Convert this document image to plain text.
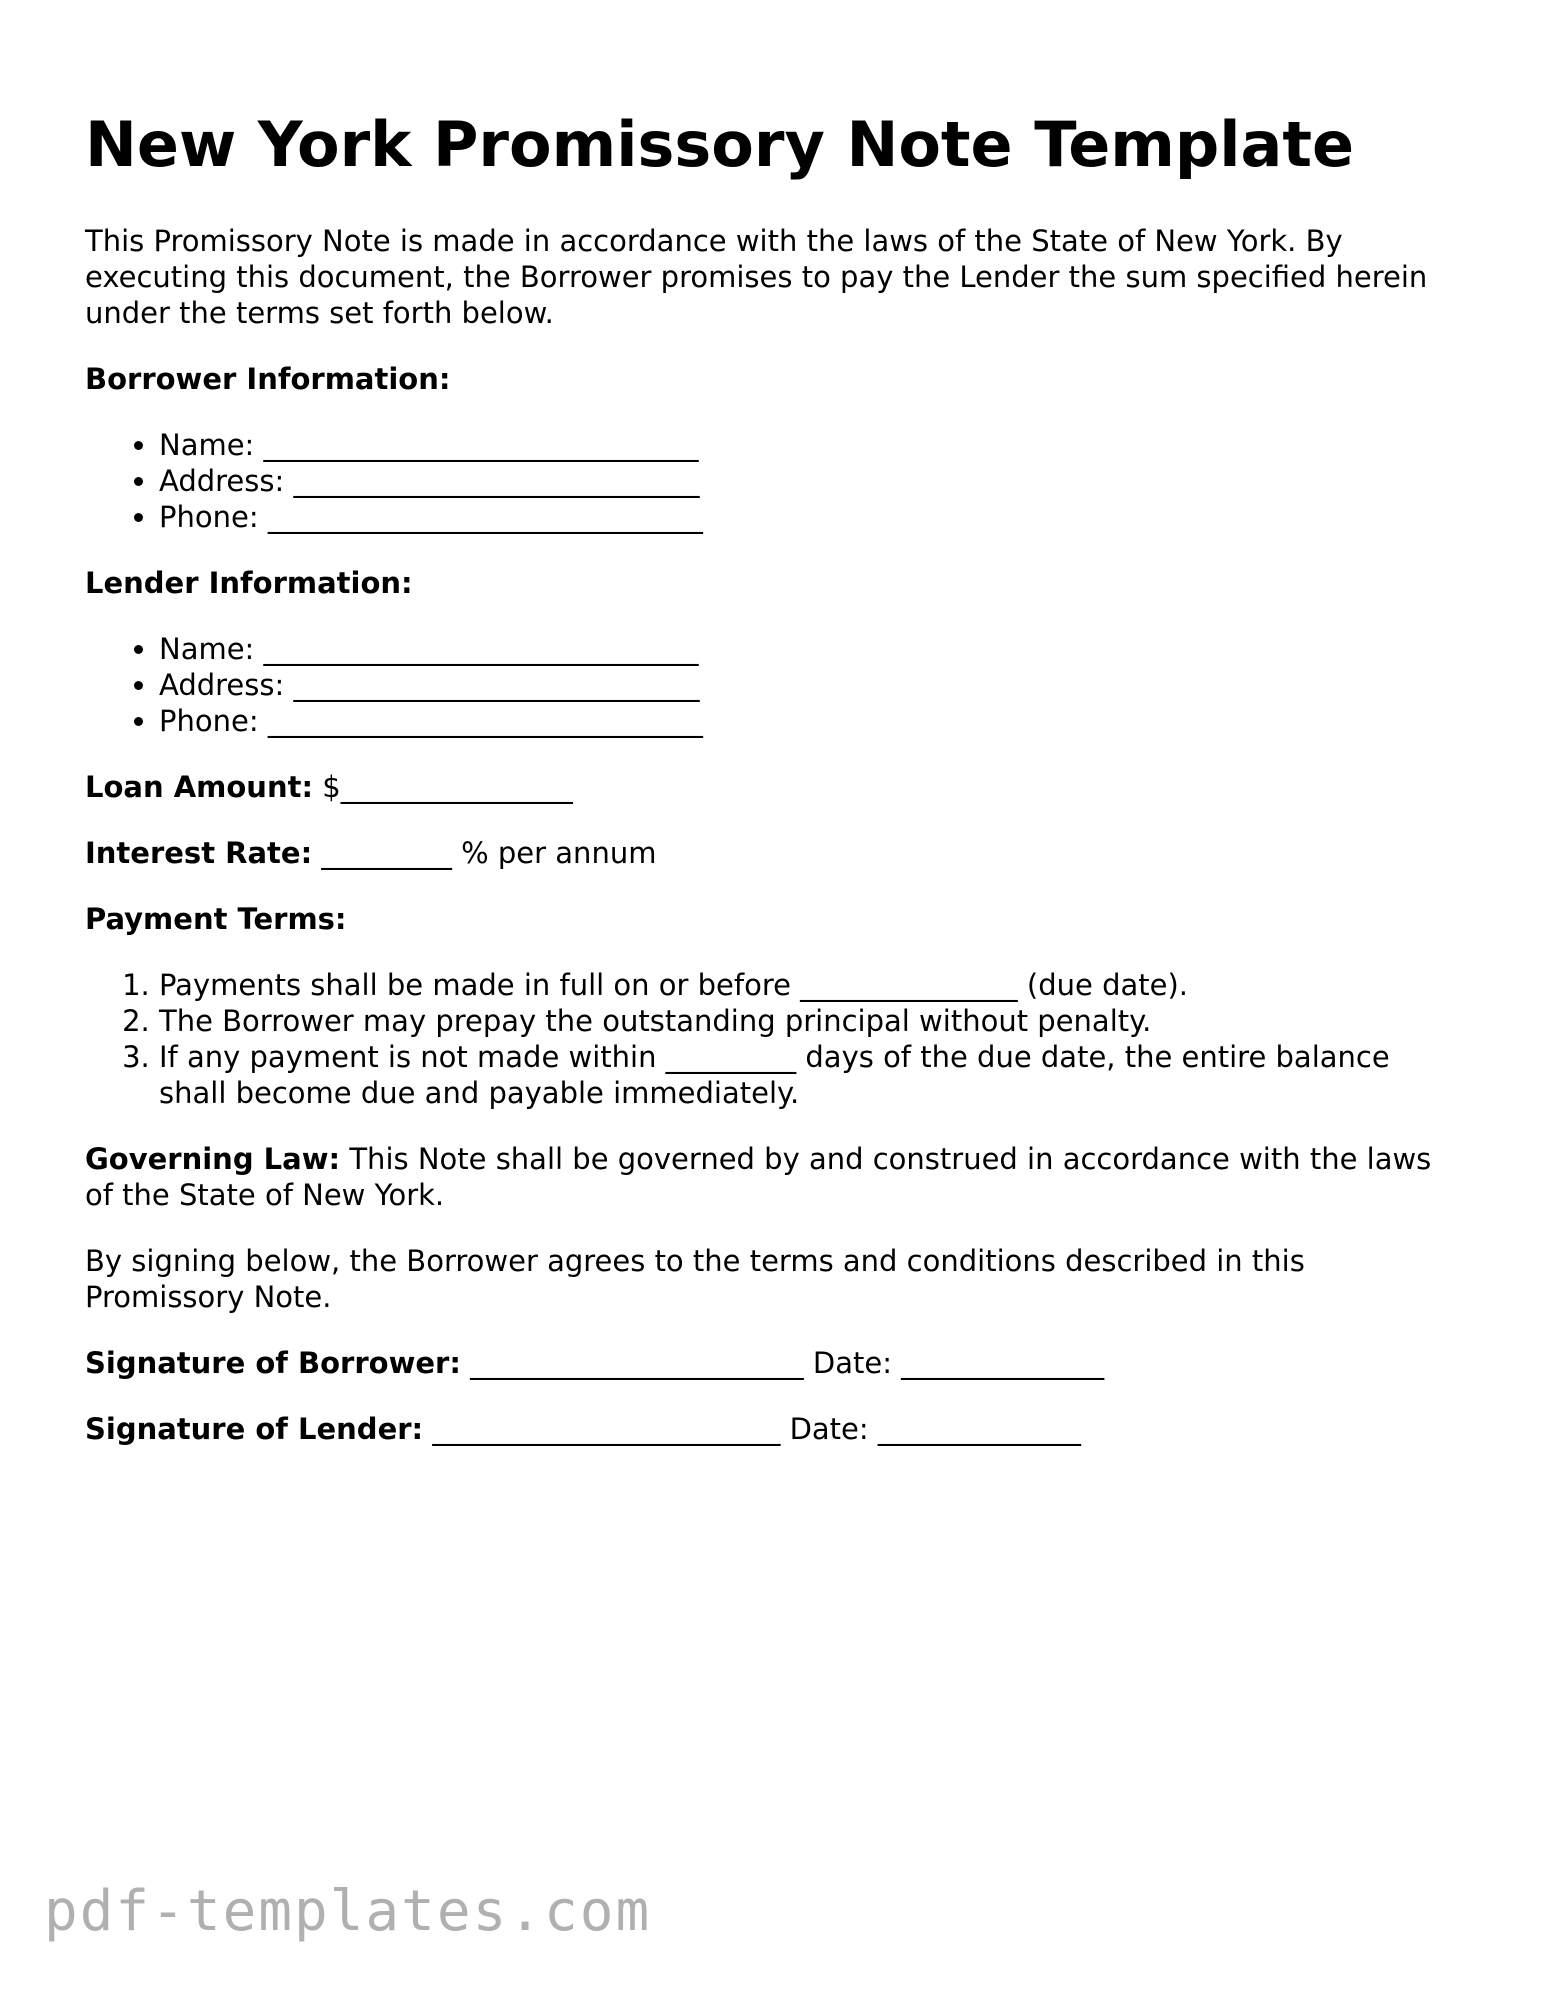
New York Promissory Note Template

This Promissory Note is made in accordance with the laws of the State of New York. By executing this document, the Borrower promises to pay the Lender the sum specified herein under the terms set forth below.

Borrower Information:

• Name: ______________________________
• Address: ____________________________
• Phone: ______________________________

Lender Information:

• Name: ______________________________
• Address: ____________________________
• Phone: ______________________________

Loan Amount: $________________

Interest Rate: _________ % per annum

Payment Terms:

1. Payments shall be made in full on or before _______________ (due date).
2. The Borrower may prepay the outstanding principal without penalty.
3. If any payment is not made within _________ days of the due date, the entire balance shall become due and payable immediately.

Governing Law: This Note shall be governed by and construed in accordance with the laws of the State of New York.

By signing below, the Borrower agrees to the terms and conditions described in this Promissory Note.

Signature of Borrower: _______________________ Date: ______________

Signature of Lender: ________________________ Date: ______________

pdf-templates.com
